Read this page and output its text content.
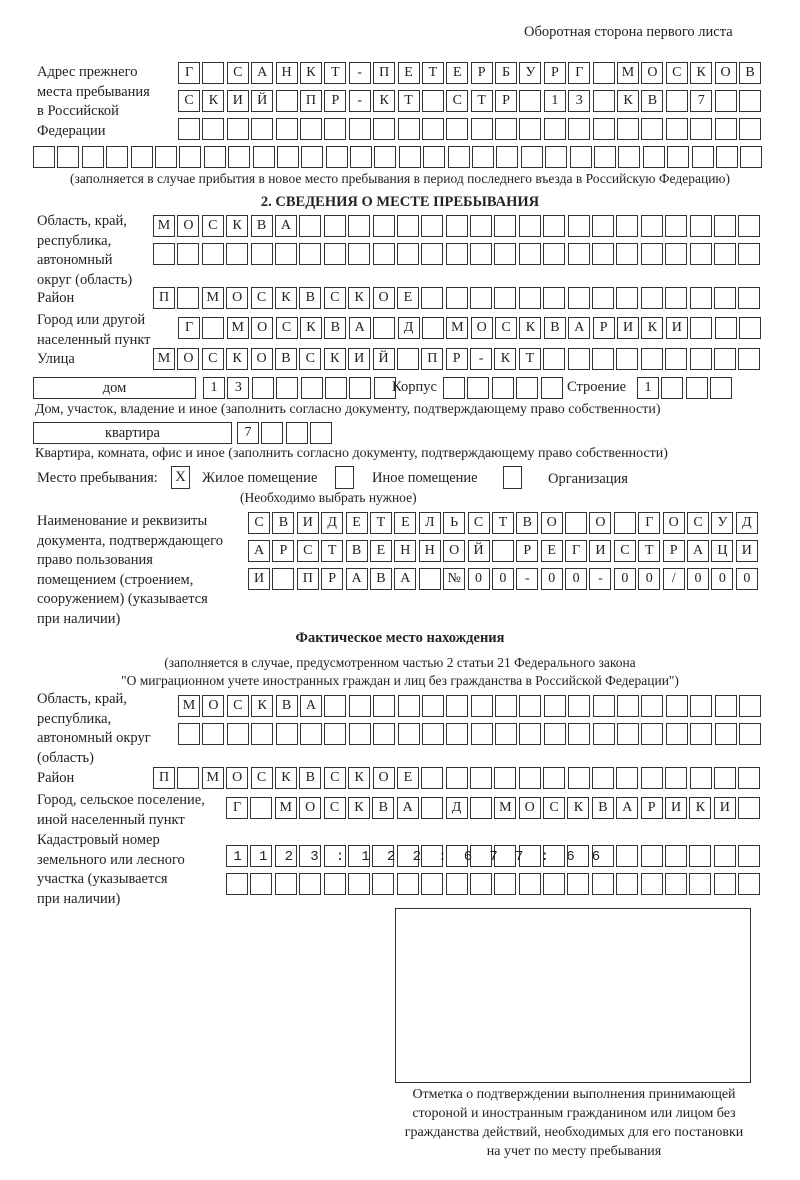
Оборотная сторона первого листа
Адрес прежнего
места пребывания
в Российской
Федерации
Г	С	А	Н	К	Т	-	П	Е	Т	Е	Р	Б	У	Р	Г	М О	С	К	О	В
С	К	И	Й	П	Р	-	К	Т	С	Т	Р	1	3	К	В	7
(заполняется в случае прибытия в новое место пребывания в период последнего въезда в Российскую Федерацию)
2. СВЕДЕНИЯ О МЕСТЕ ПРЕБЫВАНИЯ
Область, край,
республика,
автономный
округ (область)
М О	С	К	В	А
Район	П	М О	С	К	В	С	К	О	Е
Город или другой
населенный пункт
Г	М О	С	К	В	А	Д	М О	С	К	В	А	Р	И	К	И
Улица	М О	С	К	О	В	С	К	И	Й	П	Р	-	К	Т
дом	1	3	Корпус	Строение	1
Дом, участок, владение и иное (заполнить согласно документу, подтверждающему право собственности)
квартира	7
Квартира, комната, офис и иное (заполнить согласно документу, подтверждающему право собственности)
Место пребывания: Х Жилое помещение	Иное помещение	Организация
(Необходимо выбрать нужное)
Наименование и реквизиты
документа, подтверждающего
право пользования
помещением (строением,
сооружением) (указывается
при наличии)
С	В	И	Д	Е	Т	Е	Л	Ь	С	Т	В	О	О	Г	О	С	У	Д
А	Р	С	Т	В	Е	Н	Н	О	Й	Р	Е	Г	И	С	Т	Р	А	Ц	И
И	П	Р	А	В	А	№	0	0	-	0	0	-	0	0	/	0	0	0
Фактическое место нахождения
(заполняется в случае, предусмотренном частью 2 статьи 21 Федерального закона
"О миграционном учете иностранных граждан и лиц без гражданства в Российской Федерации")
Область, край,
республика,
автономный округ
(область)
М О	С	К	В	А
Район	П	М О	С	К	В	С	К	О	Е
Город, сельское поселение,
иной населенный пункт
Г	М О	С	К	В	А	Д	М О	С	К	В	А	Р	И	К	И
Кадастровый номер
земельного или лесного
участка (указывается
при наличии)
1123:122:677:66
Отметка о подтверждении выполнения принимающей
стороной и иностранным гражданином или лицом без
гражданства действий, необходимых для его постановки
на учет по месту пребывания
